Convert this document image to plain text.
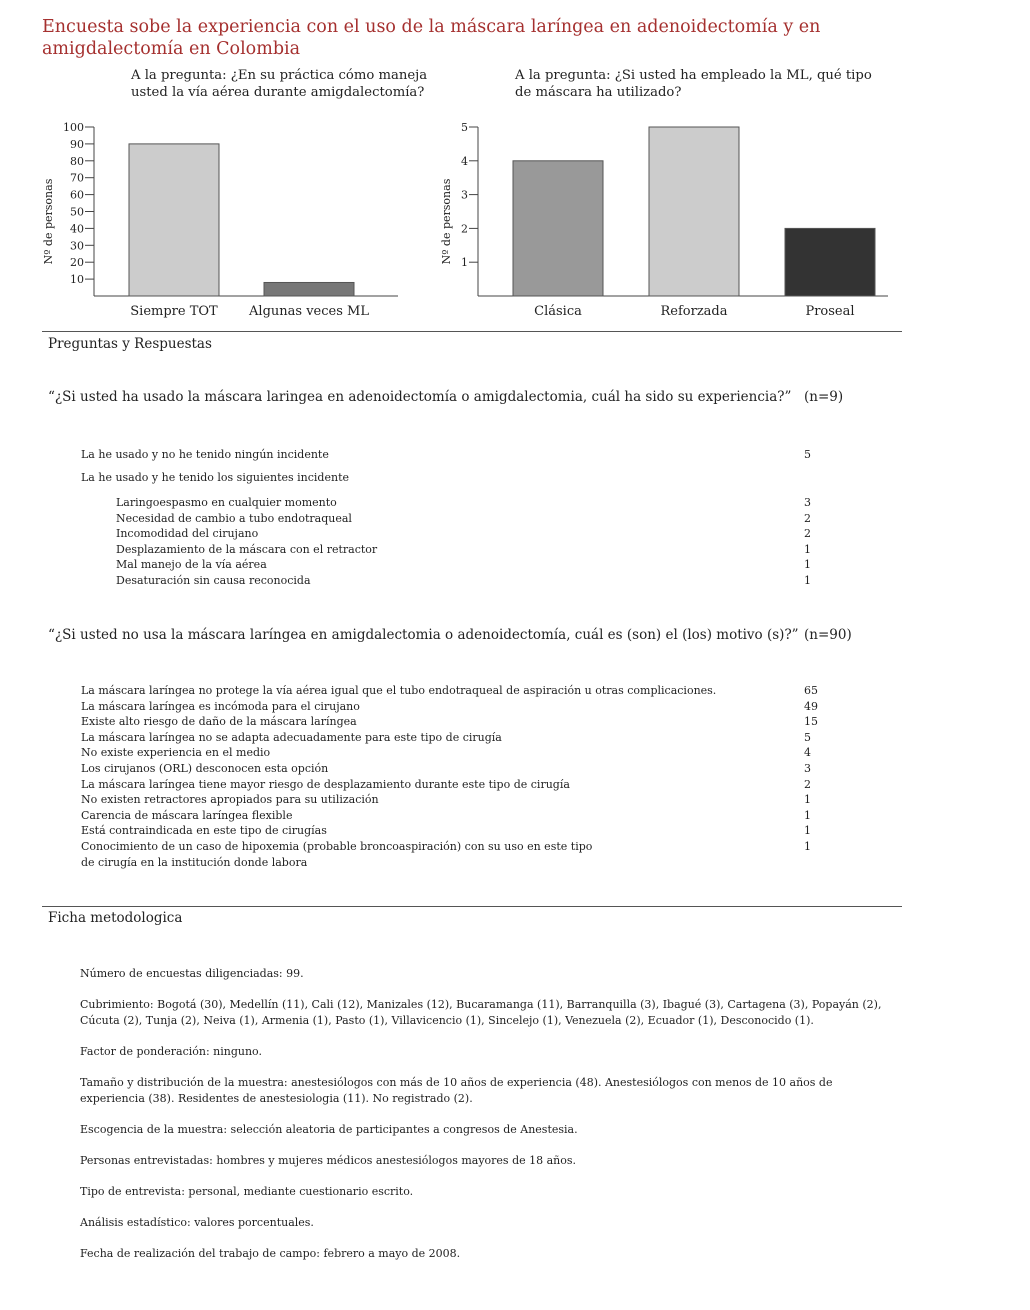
Encuesta sobe la experiencia con el uso de la máscara laríngea en adenoidectomía y en amigdalectomía en Colombia
A la pregunta: ¿En su práctica cómo maneja usted la vía aérea durante amigdalectomía?
10
20
30
40
50
60
70
80
90
100
Nº de personas
Siempre TOT Algunas veces ML
A la pregunta: ¿Si usted ha empleado la ML, qué tipo de máscara ha utilizado?
1
2
3
4
5
Nº de personas
Clásica	Reforzada	Proseal
Preguntas y Respuestas
“¿Si usted ha usado la máscara laringea en adenoidectomía o amigdalectomia, cuál ha sido su experiencia?” (n=9)
La he usado y no he tenido ningún incidente	5
La he usado y he tenido los siguientes incidente
Laringoespasmo en cualquier momento	3
Necesidad de cambio a tubo endotraqueal	2
Incomodidad del cirujano	2
Desplazamiento de la máscara con el retractor	1
Mal manejo de la vía aérea	1
Desaturación sin causa reconocida	1
“¿Si usted no usa la máscara laríngea en amigdalectomia o adenoidectomía, cuál es (son) el (los) motivo (s)?” (n=90)
La máscara laríngea no protege la vía aérea igual que el tubo endotraqueal de aspiración u otras complicaciones.	65
La máscara laríngea es incómoda para el cirujano	49
Existe alto riesgo de daño de la máscara laríngea	15
La máscara laríngea no se adapta adecuadamente para este tipo de cirugía	5
No existe experiencia en el medio	4
Los cirujanos (ORL) desconocen esta opción	3
La máscara laríngea tiene mayor riesgo de desplazamiento durante este tipo de cirugía	2
No existen retractores apropiados para su utilización	1
Carencia de máscara laríngea flexible	1
Está contraindicada en este tipo de cirugías	1
Conocimiento de un caso de hipoxemia (probable broncoaspiración) con su uso en este tipo	1
de cirugía en la institución donde labora
Ficha metodologica
Número de encuestas diligenciadas: 99.
Cubrimiento: Bogotá (30), Medellín (11), Cali (12), Manizales (12), Bucaramanga (11), Barranquilla (3), Ibagué (3), Cartagena (3), Popayán (2), Cúcuta (2), Tunja (2), Neiva (1), Armenia (1), Pasto (1), Villavicencio (1), Sincelejo (1), Venezuela (2), Ecuador (1), Desconocido (1).
Factor de ponderación: ninguno.
Tamaño y distribución de la muestra: anestesiólogos con más de 10 años de experiencia (48). Anestesiólogos con menos de 10 años de experiencia (38). Residentes de anestesiologia (11). No registrado (2).
Escogencia de la muestra: selección aleatoria de participantes a congresos de Anestesia.
Personas entrevistadas: hombres y mujeres médicos anestesiólogos mayores de 18 años.
Tipo de entrevista: personal, mediante cuestionario escrito.
Análisis estadístico: valores porcentuales.
Fecha de realización del trabajo de campo: febrero a mayo de 2008.
